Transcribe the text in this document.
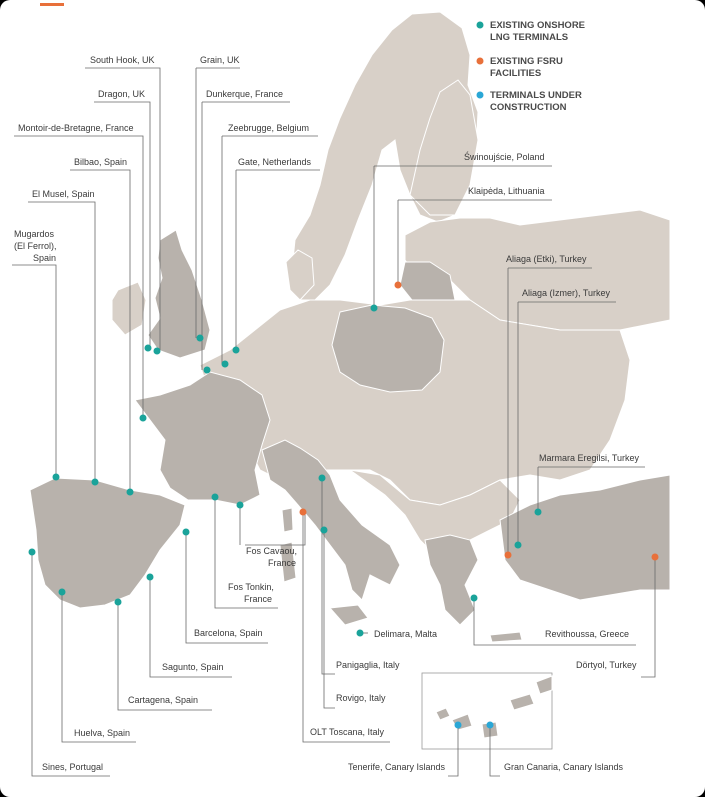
EXISTING ONSHORE
LNG TERMINALS
EXISTING FSRU
FACILITIES
TERMINALS UNDER
CONSTRUCTION
South Hook, UK	Grain, UK
Dragon, UK	Dunkerque, France
Montoir-de-Bretagne, France	Zeebrugge, Belgium
Bilbao, Spain	Gate, Netherlands
El Musel, Spain
Mugardos
(El Ferrol),
Spain
Świnoujście, Poland
Klaipėda, Lithuania
Aliaga (Etki), Turkey
Aliaga (Izmer), Turkey
Marmara Eregilsi, Turkey
Fos Cavaou,
France
Fos Tonkin,
France
Barcelona, Spain
Sagunto, Spain
Cartagena, Spain
Huelva, Spain
Sines, Portugal
Delimara, Malta
Panigaglia, Italy
Rovigo, Italy
OLT Toscana, Italy
Revithoussa, Greece
Dörtyol, Turkey
Tenerife, Canary Islands	Gran Canaria, Canary Islands
